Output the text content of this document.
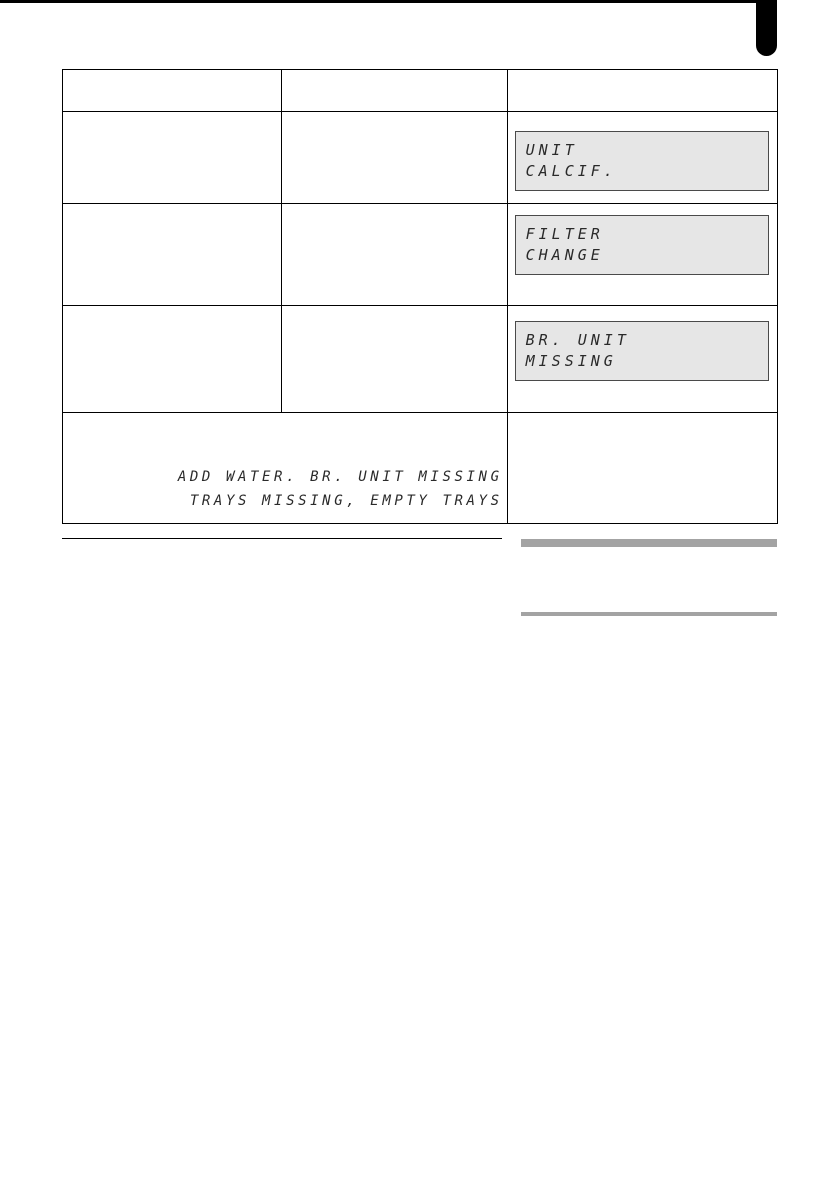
		UNIT
CALCIF.

		FILTER
CHANGE

		BR. UNIT
MISSING

ADD WATER. BR. UNIT MISSING
TRAYS MISSING, EMPTY TRAYS		
